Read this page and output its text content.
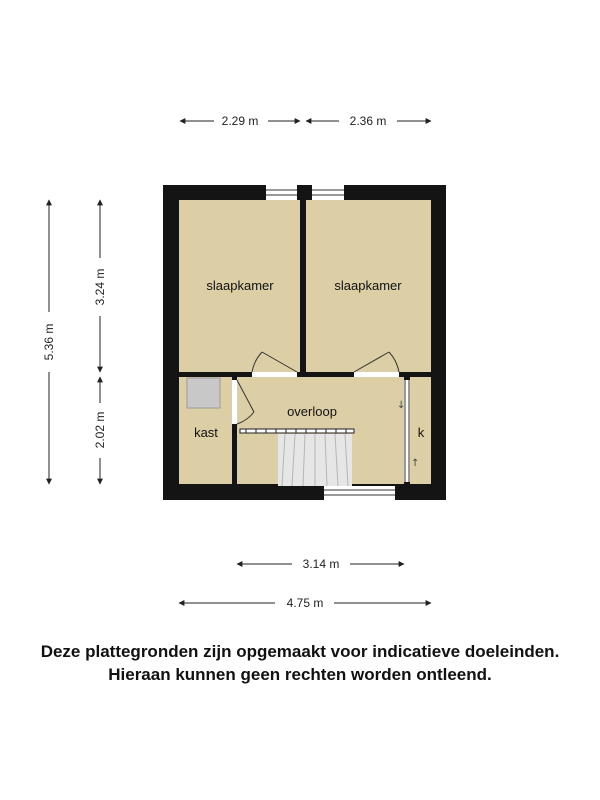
↓
↑
slaapkamer	slaapkamer
overloop
kast	k
2.29 m	2.36 m
5.36 m
3.24 m
2.02 m
3.14 m
4.75 m
Deze plattegronden zijn opgemaakt voor indicatieve doeleinden.
Hieraan kunnen geen rechten worden ontleend.
